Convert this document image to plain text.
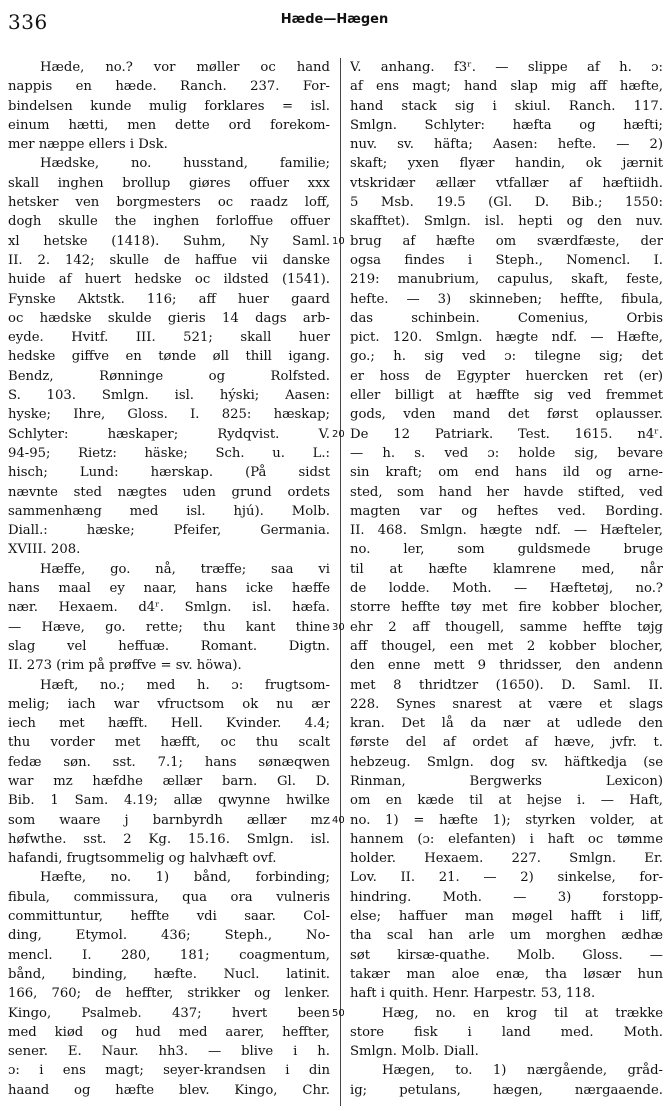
336	Hæde—Hægen
Hæde, no.? vor møller oc hand
nappis en hæde. Ranch. 237. For-
bindelsen kunde mulig forklares = isl.
einum hætti, men dette ord forekom-
mer næppe ellers i Dsk.
Hædske, no. husstand, familie;
skall inghen brollup giøres offuer xxx
hetsker ven borgmesters oc raadz loff,
dogh skulle the inghen forloffue offuer
xl hetske (1418). Suhm, Ny Saml.
II. 2. 142; skulle de haffue vii danske
huide af huert hedske oc ildsted (1541).
Fynske Aktstk. 116; aff huer gaard
oc hædske skulde gieris 14 dags arb-
eyde. Hvitf. III. 521; skall huer
hedske giffve en tønde øll thill igang.
Bendz, Rønninge og Rolfsted.
S. 103. Smlgn. isl. hýski; Aasen:
hyske; Ihre, Gloss. I. 825: hæskap;
Schlyter: hæskaper; Rydqvist. V.
94-95; Rietz: häske; Sch. u. L.:
hisch; Lund: hærskap. (På sidst
nævnte sted nægtes uden grund ordets
sammenhæng med isl. hjú). Molb.
Diall.: hæske; Pfeifer, Germania.
XVIII. 208.
Hæffe, go. nå, træffe; saa vi
hans maal ey naar, hans icke hæffe
nær. Hexaem. d4ʳ. Smlgn. isl. hæfa.
— Hæve, go. rette; thu kant thine
slag vel heffuæ. Romant. Digtn.
II. 273 (rim på prøffve = sv. höwa).
Hæft, no.; med h. ɔ: frugtsom-
melig; iach war vfructsom ok nu ær
iech met hæfft. Hell. Kvinder. 4.4;
thu vorder met hæfft, oc thu scalt
fedæ søn. sst. 7.1; hans sønæqwen
war mz hæfdhe ællær barn. Gl. D.
Bib. 1 Sam. 4.19; allæ qwynne hwilke
som waare j barnbyrdh ællær mz
høfwthe. sst. 2 Kg. 15.16. Smlgn. isl.
hafandi, frugtsommelig og halvhæft ovf.
Hæfte, no. 1) bånd, forbinding;
fibula, commissura, qua ora vulneris
committuntur, heffte vdi saar. Col-
ding, Etymol. 436; Steph., No-
mencl. I. 280, 181; coagmentum,
bånd, binding, hæfte. Nucl. latinit.
166, 760; de heffter, strikker og lenker.
Kingo, Psalmeb. 437; hvert been
med kiød og hud med aarer, heffter,
sener. E. Naur. hh3. — blive i h.
ɔ: i ens magt; seyer-krandsen i din
haand og hæfte blev. Kingo, Chr.
V. anhang. f3ʳ. — slippe af h. ɔ:
af ens magt; hand slap mig aff hæfte,
hand stack sig i skiul. Ranch. 117.
Smlgn. Schlyter: hæfta og hæfti;
nuv. sv. häfta; Aasen: hefte. — 2)
skaft; yxen flyær handin, ok jærnit
vtskridær ællær vtfallær af hæftiidh.
5 Msb. 19.5 (Gl. D. Bib.; 1550:
skafftet). Smlgn. isl. hepti og den nuv.
brug af hæfte om sværdfæste, der
ogsa findes i Steph., Nomencl. I.
219: manubrium, capulus, skaft, feste,
hefte. — 3) skinneben; heffte, fibula,
das schinbein. Comenius, Orbis
pict. 120. Smlgn. hægte ndf. — Hæfte,
go.; h. sig ved ɔ: tilegne sig; det
er hoss de Egypter huercken ret (er)
eller billigt at hæffte sig ved fremmet
gods, vden mand det først oplausser.
De 12 Patriark. Test. 1615. n4ʳ.
— h. s. ved ɔ: holde sig, bevare
sin kraft; om end hans ild og arne-
sted, som hand her havde stifted, ved
magten var og heftes ved. Bording.
II. 468. Smlgn. hægte ndf. — Hæfteler,
no. ler, som guldsmede bruge
til at hæfte klamrene med, når
de lodde. Moth. — Hæftetøj, no.?
storre heffte tøy met fire kobber blocher,
ehr 2 aff thougell, samme heffte tøjg
aff thougel, een met 2 kobber blocher,
den enne mett 9 thridsser, den andenn
met 8 thridtzer (1650). D. Saml. II.
228. Synes snarest at være et slags
kran. Det lå da nær at udlede den
første del af ordet af hæve, jvfr. t.
hebzeug. Smlgn. dog sv. häftkedja (se
Rinman, Bergwerks Lexicon)
om en kæde til at hejse i. — Haft,
no. 1) = hæfte 1); styrken volder, at
hannem (ɔ: elefanten) i haft oc tømme
holder. Hexaem. 227. Smlgn. Er.
Lov. II. 21. — 2) sinkelse, for-
hindring. Moth. — 3) forstopp-
else; haffuer man møgel hafft i liff,
tha scal han arle um morghen ædhæ
søt kirsæ-quathe. Molb. Gloss. —
takær man aloe enæ, tha løsær hun
haft i quith. Henr. Harpestr. 53, 118.
Hæg, no. en krog til at trække
store fisk i land med. Moth.
Smlgn. Molb. Diall.
Hægen, to. 1) nærgående, gråd-
ig; petulans, hægen, nærgaaende.
10
20
30
40
50
